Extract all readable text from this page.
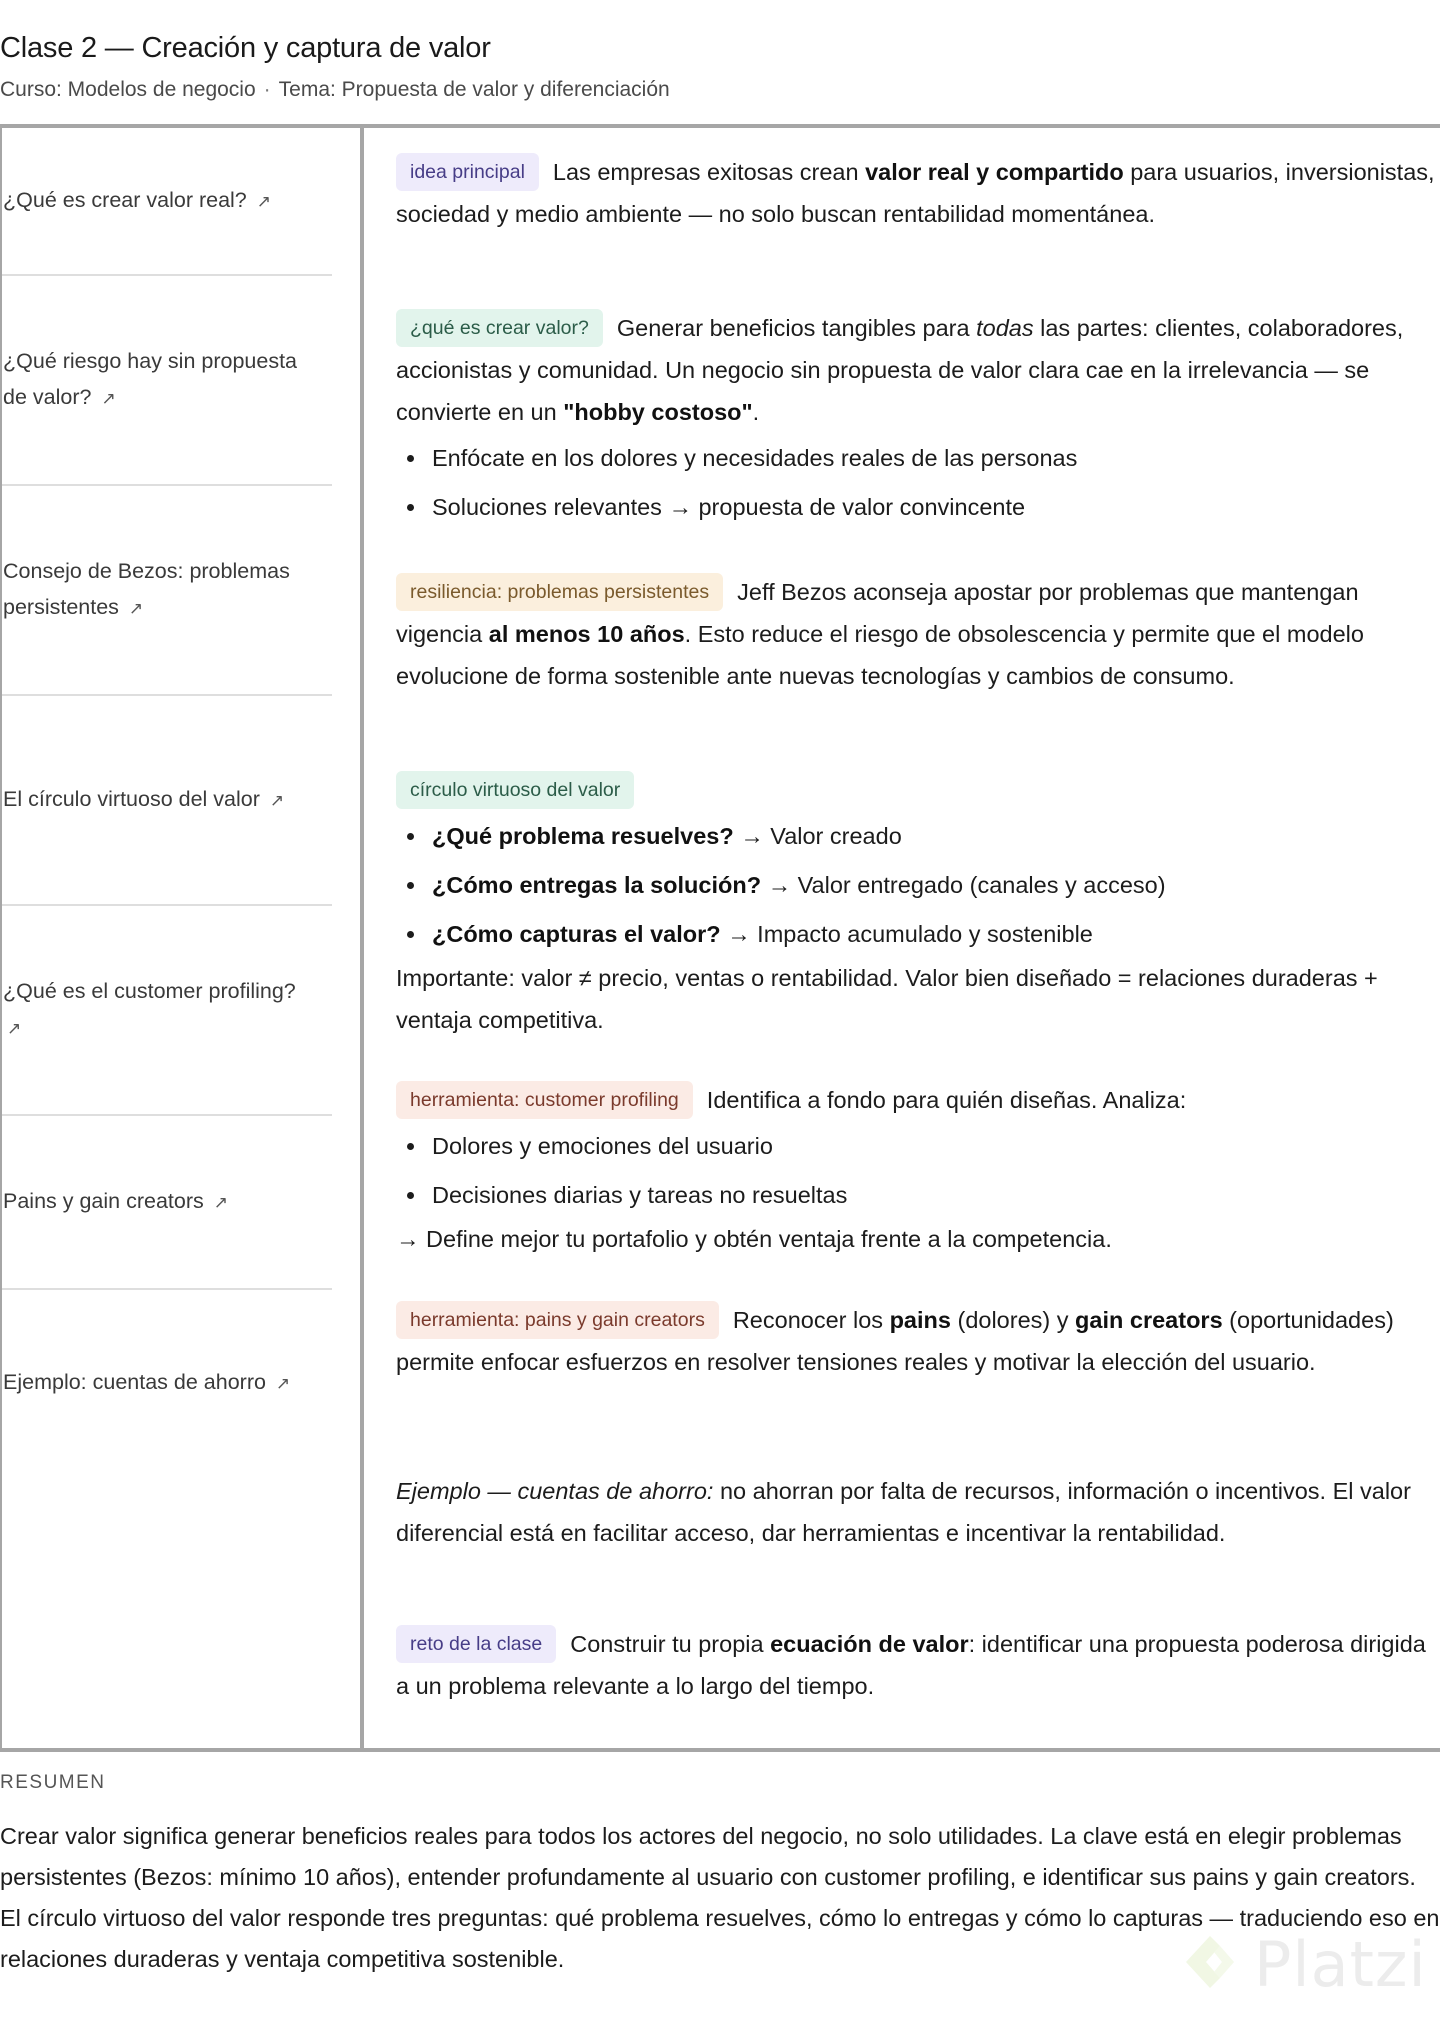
Clase 2 — Creación y captura de valor
Curso: Modelos de negocio · Tema: Propuesta de valor y diferenciación
¿Qué es crear valor real? ↗
¿Qué riesgo hay sin propuesta de valor? ↗
Consejo de Bezos: problemas persistentes ↗
El círculo virtuoso del valor ↗
¿Qué es el customer profiling? ↗
Pains y gain creators ↗
Ejemplo: cuentas de ahorro ↗
idea principal Las empresas exitosas crean valor real y compartido para usuarios, inversionistas, sociedad y medio ambiente — no solo buscan rentabilidad momentánea.
¿qué es crear valor? Generar beneficios tangibles para todas las partes: clientes, colaboradores, accionistas y comunidad. Un negocio sin propuesta de valor clara cae en la irrelevancia — se convierte en un "hobby costoso".
Enfócate en los dolores y necesidades reales de las personas
Soluciones relevantes → propuesta de valor convincente
resiliencia: problemas persistentes Jeff Bezos aconseja apostar por problemas que mantengan vigencia al menos 10 años. Esto reduce el riesgo de obsolescencia y permite que el modelo evolucione de forma sostenible ante nuevas tecnologías y cambios de consumo.
círculo virtuoso del valor
¿Qué problema resuelves? → Valor creado
¿Cómo entregas la solución? → Valor entregado (canales y acceso)
¿Cómo capturas el valor? → Impacto acumulado y sostenible
Importante: valor ≠ precio, ventas o rentabilidad. Valor bien diseñado = relaciones duraderas + ventaja competitiva.
herramienta: customer profiling Identifica a fondo para quién diseñas. Analiza:
Dolores y emociones del usuario
Decisiones diarias y tareas no resueltas
→ Define mejor tu portafolio y obtén ventaja frente a la competencia.
herramienta: pains y gain creators Reconocer los pains (dolores) y gain creators (oportunidades) permite enfocar esfuerzos en resolver tensiones reales y motivar la elección del usuario.
Ejemplo — cuentas de ahorro: no ahorran por falta de recursos, información o incentivos. El valor diferencial está en facilitar acceso, dar herramientas e incentivar la rentabilidad.
reto de la clase Construir tu propia ecuación de valor: identificar una propuesta poderosa dirigida a un problema relevante a lo largo del tiempo.
RESUMEN
Crear valor significa generar beneficios reales para todos los actores del negocio, no solo utilidades. La clave está en elegir problemas persistentes (Bezos: mínimo 10 años), entender profundamente al usuario con customer profiling, e identificar sus pains y gain creators. El círculo virtuoso del valor responde tres preguntas: qué problema resuelves, cómo lo entregas y cómo lo capturas — traduciendo eso en relaciones duraderas y ventaja competitiva sostenible.	Platzi
